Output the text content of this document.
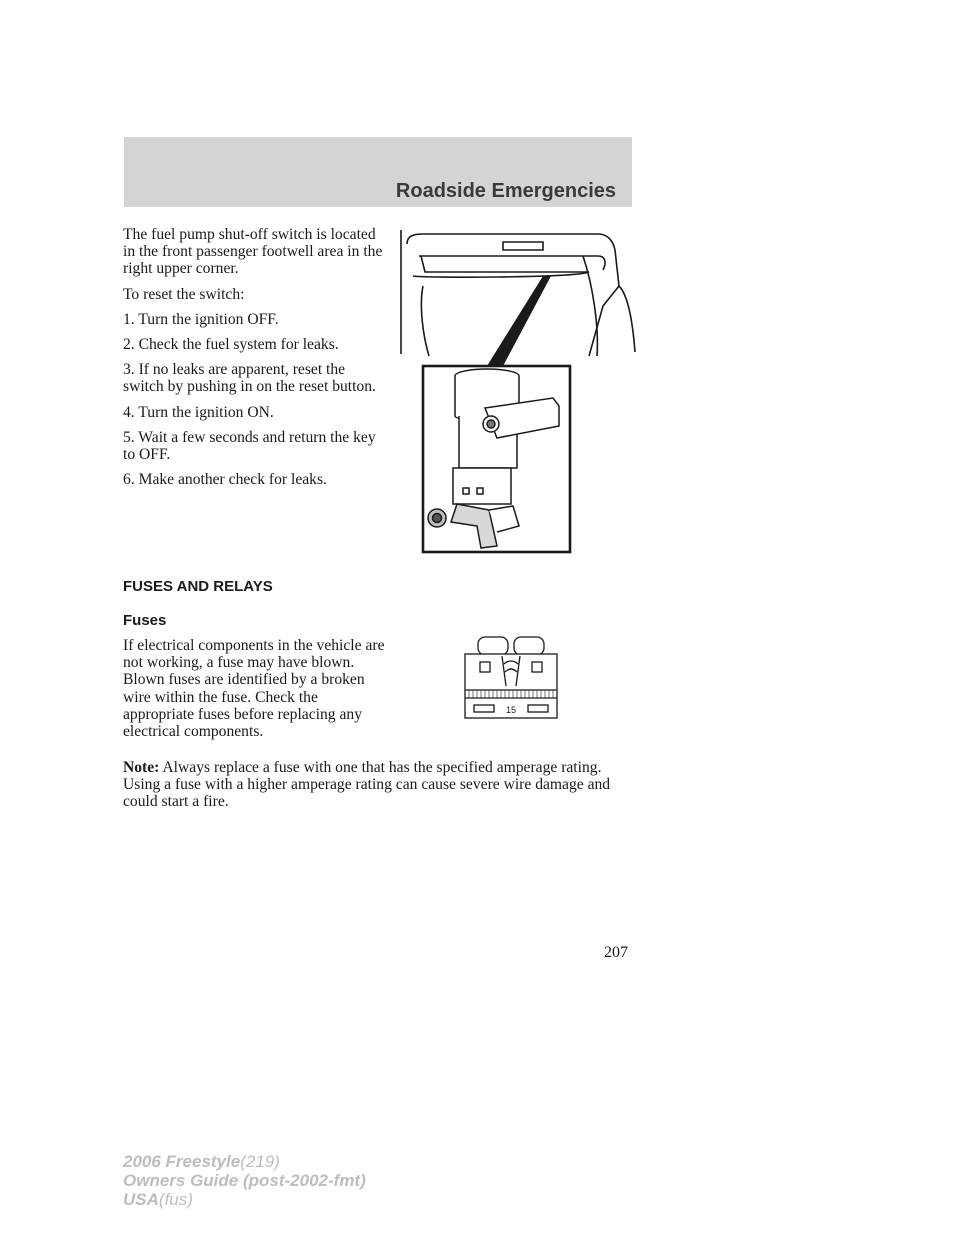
Roadside Emergencies

The fuel pump shut-off switch is located in the front passenger footwell area in the right upper corner.

To reset the switch:

1. Turn the ignition OFF.

2. Check the fuel system for leaks.

3. If no leaks are apparent, reset the switch by pushing in on the reset button.

4. Turn the ignition ON.

5. Wait a few seconds and return the key to OFF.

6. Make another check for leaks.

FUSES AND RELAYS
Fuses

If electrical components in the vehicle are not working, a fuse may have blown. Blown fuses are identified by a broken wire within the fuse. Check the appropriate fuses before replacing any electrical components.

15
Note: Always replace a fuse with one that has the specified amperage rating. Using a fuse with a higher amperage rating can cause severe wire damage and could start a fire.
207
2006 Freestyle(219)
Owners Guide (post-2002-fmt)
USA(fus)
